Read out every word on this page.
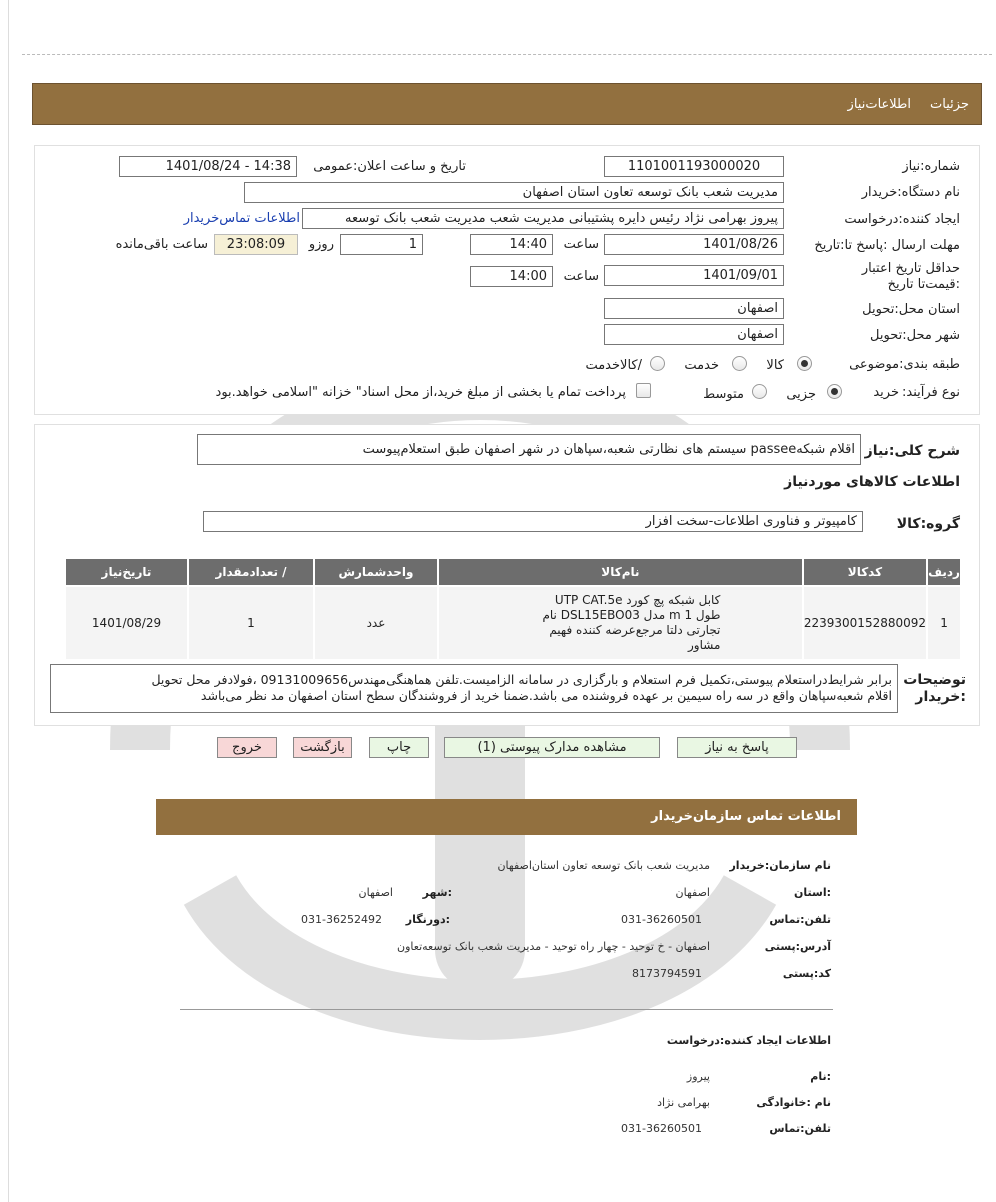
جزئیات
اطلاعات‌نیاز
شماره:نیاز
1101001193000020
تاریخ و ساعت اعلان:عمومی
1401/08/24 - 14:38
نام دستگاه:خریدار
مدیریت شعب بانک توسعه تعاون استان اصفهان
ایجاد کننده:درخواست
پیروز بهرامی نژاد رئیس دایره پشتیبانی مدیریت شعب مدیریت شعب بانک توسعه
اطلاعات تماس‌خریدار
مهلت ارسال :پاسخ تا:تاریخ
1401/08/26
ساعت
14:40
1
روزو
23:08:09
ساعت باقی‌مانده
حداقل تاریخ اعتبار :قیمت‌تا تاریخ
1401/09/01
ساعت
14:00
استان محل:تحویل
اصفهان
شهر محل:تحویل
اصفهان
طبقه بندی:موضوعی
کالا
خدمت
/کالاخدمت
نوع فرآیند:
خرید
جزیی
متوسط
پرداخت تمام یا بخشی از مبلغ خرید،از محل اسناد" خزانه "اسلامی خواهد.بود
شرح کلی:نیاز
اقلام شبکهpassee سیستم های نظارتی شعبه،سپاهان در شهر اصفهان طبق استعلام‌پیوست
اطلاعات کالاهای موردنیاز
گروه:کالا
کامپیوتر و فناوری اطلاعات-سخت افزار
ردیف	کدکالا	نام‌کالا	واحدشمارش	/ تعدادمقدار	تاریخ‌نیاز
1	2239300152880092	کابل شبکه پچ کورد UTP CAT.5e
طول 1 m مدل DSL15EBO03 نام
تجارتی دلتا مرجع‌عرضه کننده فهیم
مشاور	عدد	1	1401/08/29
توضیحات
:خریدار
برابر شرایط‌دراستعلام پیوستی،تکمیل فرم استعلام و بارگزاری در سامانه الزامیست.تلفن هماهنگی‌مهندس09131009656 ،فولادفر محل تحویل
اقلام شعبه‌سپاهان واقع در سه راه سیمین بر عهده فروشنده می باشد.ضمنا خرید از فروشندگان سطح استان اصفهان مد نظر می‌باشد
پاسخ به نیاز
مشاهده مدارک پیوستی (1)
چاپ
بازگشت
خروج
اطلاعات تماس سازمان‌خریدار
نام سازمان:خریدار
مدیریت شعب بانک توسعه تعاون استان‌اصفهان
:استان
اصفهان
:شهر
اصفهان
تلفن:تماس
031-36260501
:دورنگار
031-36252492
آدرس:پستی
اصفهان - خ توحید - چهار راه توحید - مدیریت شعب بانک توسعه‌تعاون
کد:پستی
8173794591
اطلاعات ایجاد کننده:درخواست
:نام
پیروز
نام :خانوادگی
بهرامی نژاد
تلفن:تماس
031-36260501
